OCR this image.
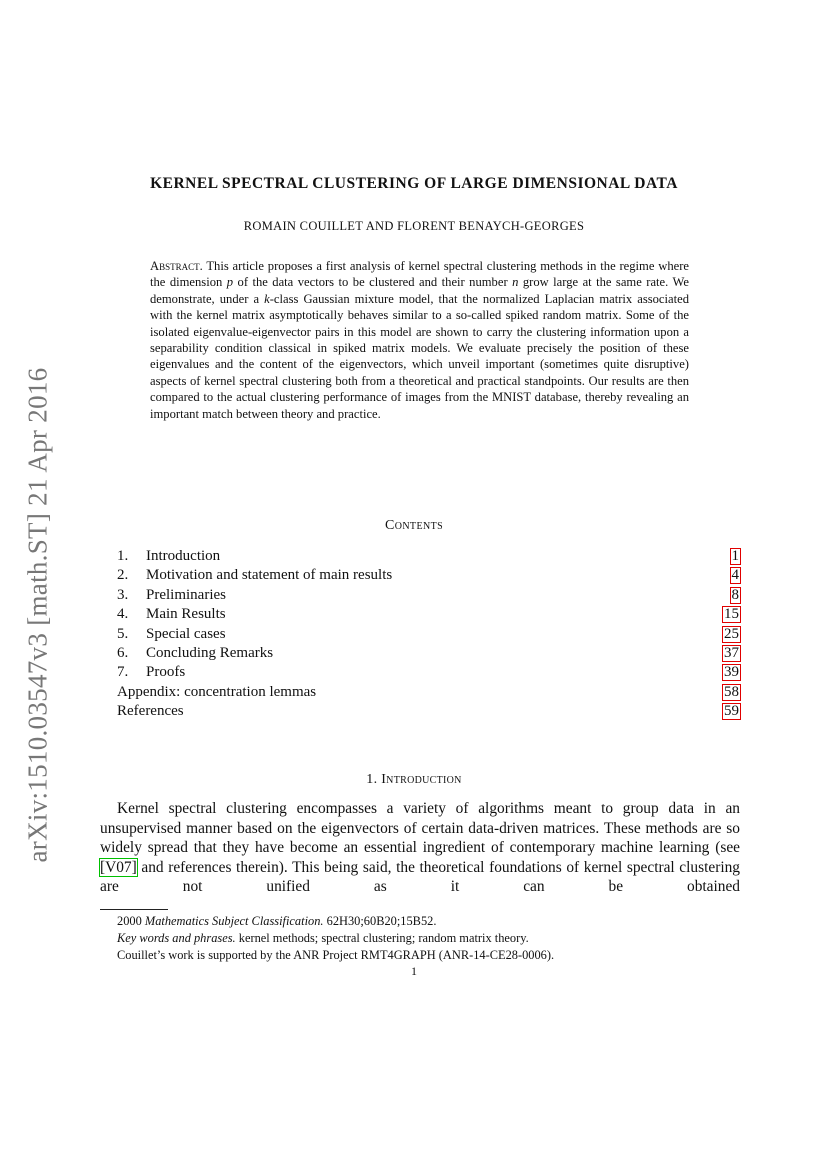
arXiv:1510.03547v3 [math.ST] 21 Apr 2016
KERNEL SPECTRAL CLUSTERING OF LARGE DIMENSIONAL DATA
ROMAIN COUILLET AND FLORENT BENAYCH-GEORGES
Abstract. This article proposes a first analysis of kernel spectral clustering methods in the regime where the dimension p of the data vectors to be clustered and their number n grow large at the same rate. We demonstrate, under a k-class Gaussian mixture model, that the normalized Laplacian matrix associated with the kernel matrix asymptotically behaves similar to a so-called spiked random matrix. Some of the isolated eigenvalue-eigenvector pairs in this model are shown to carry the clustering information upon a separability condition classical in spiked matrix models. We evaluate precisely the position of these eigenvalues and the content of the eigenvectors, which unveil important (sometimes quite disruptive) aspects of kernel spectral clustering both from a theoretical and practical standpoints. Our results are then compared to the actual clustering performance of images from the MNIST database, thereby revealing an important match between theory and practice.
Contents
1. Introduction	1
2. Motivation and statement of main results	4
3. Preliminaries	8
4. Main Results	15
5. Special cases	25
6. Concluding Remarks	37
7. Proofs	39
Appendix: concentration lemmas	58
References	59
1. Introduction
Kernel spectral clustering encompasses a variety of algorithms meant to group data in an unsupervised manner based on the eigenvectors of certain data-driven matrices. These methods are so widely spread that they have become an essential ingredient of contemporary machine learning (see [V07] and references therein). This being said, the theoretical foundations of kernel spectral clustering are not unified as it can be obtained
2000 Mathematics Subject Classification. 62H30;60B20;15B52.
Key words and phrases. kernel methods; spectral clustering; random matrix theory.
Couillet’s work is supported by the ANR Project RMT4GRAPH (ANR-14-CE28-0006).
1
